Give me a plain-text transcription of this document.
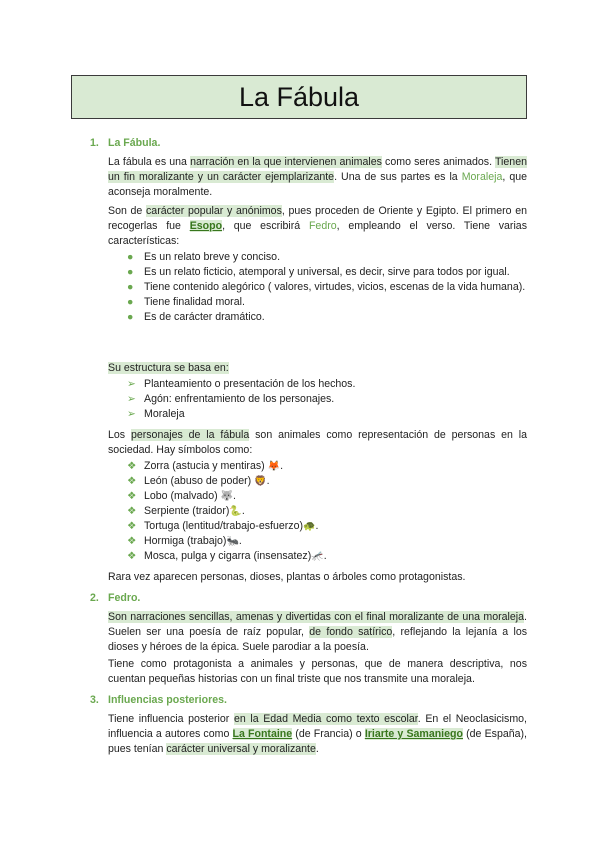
La Fábula
1. La Fábula.

La fábula es una narración en la que intervienen animales como seres animados. Tienen un fin moralizante y un carácter ejemplarizante. Una de sus partes es la Moraleja, que aconseja moralmente.

Son de carácter popular y anónimos, pues proceden de Oriente y Egipto. El primero en recogerlas fue Esopo, que escribirá Fedro, empleando el verso. Tiene varias características:

● Es un relato breve y conciso.
● Es un relato ficticio, atemporal y universal, es decir, sirve para todos por igual.
● Tiene contenido alegórico ( valores, virtudes, vicios, escenas de la vida humana).
● Tiene finalidad moral.
● Es de carácter dramático.

Su estructura se basa en:

➢ Planteamiento o presentación de los hechos.
➢ Agón: enfrentamiento de los personajes.
➢ Moraleja

Los personajes de la fábula son animales como representación de personas en la sociedad. Hay símbolos como:

❖ Zorra (astucia y mentiras) 🦊.
❖ León (abuso de poder) 🦁.
❖ Lobo (malvado) 🐺.
❖ Serpiente (traidor)🐍.
❖ Tortuga (lentitud/trabajo-esfuerzo)🐢.
❖ Hormiga (trabajo)🐜.
❖ Mosca, pulga y cigarra (insensatez)🦟.

Rara vez aparecen personas, dioses, plantas o árboles como protagonistas.

2. Fedro.

Son narraciones sencillas, amenas y divertidas con el final moralizante de una moraleja. Suelen ser una poesía de raíz popular, de fondo satírico, reflejando la lejanía a los dioses y héroes de la épica. Suele parodiar a la poesía.

Tiene como protagonista a animales y personas, que de manera descriptiva, nos cuentan pequeñas historias con un final triste que nos transmite una moraleja.

3. Influencias posteriores.

Tiene influencia posterior en la Edad Media como texto escolar. En el Neoclasicismo, influencia a autores como La Fontaine (de Francia) o Iriarte y Samaniego (de España), pues tenían carácter universal y moralizante.
